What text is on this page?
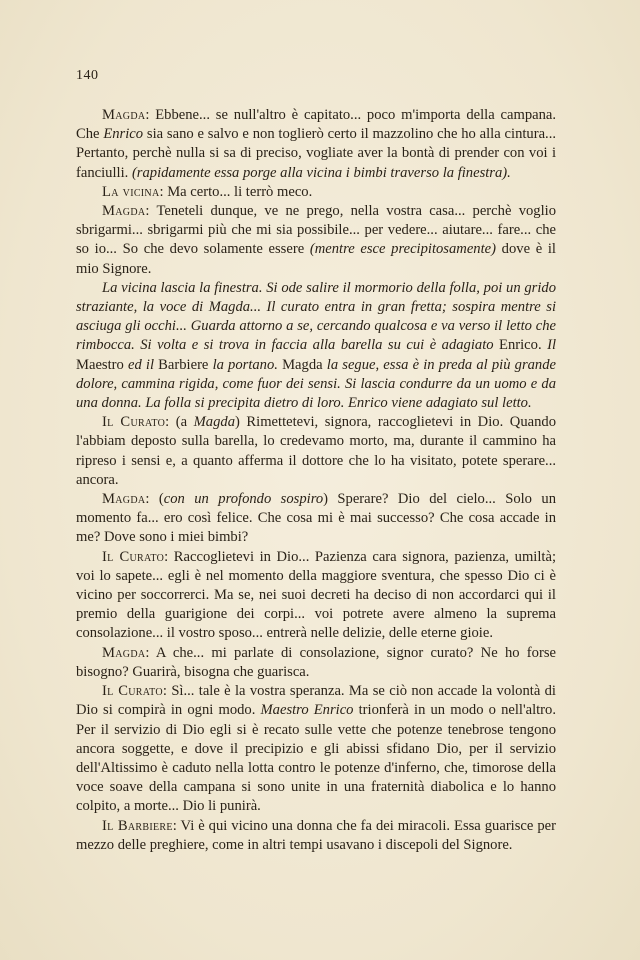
140

Magda: Ebbene... se null'altro è capitato... poco m'importa della campana. Che Enrico sia sano e salvo e non toglierò certo il mazzolino che ho alla cintura... Pertanto, perchè nulla si sa di preciso, vogliate aver la bontà di prender con voi i fanciulli. (rapidamente essa porge alla vicina i bimbi traverso la finestra).

La vicina: Ma certo... li terrò meco.

Magda: Teneteli dunque, ve ne prego, nella vostra casa... perchè voglio sbrigarmi... sbrigarmi più che mi sia possibile... per vedere... aiutare... fare... che so io... So che devo solamente essere (mentre esce precipitosamente) dove è il mio Signore.

La vicina lascia la finestra. Si ode salire il mormorio della folla, poi un grido straziante, la voce di Magda... Il curato entra in gran fretta; sospira mentre si asciuga gli occhi... Guarda attorno a se, cercando qualcosa e va verso il letto che rimbocca. Si volta e si trova in faccia alla barella su cui è adagiato Enrico. Il Maestro ed il Barbiere la portano. Magda la segue, essa è in preda al più grande dolore, cammina rigida, come fuor dei sensi. Si lascia condurre da un uomo e da una donna. La folla si precipita dietro di loro. Enrico viene adagiato sul letto.

Il Curato: (a Magda) Rimettetevi, signora, raccoglietevi in Dio. Quando l'abbiam deposto sulla barella, lo credevamo morto, ma, durante il cammino ha ripreso i sensi e, a quanto afferma il dottore che lo ha visitato, potete sperare... ancora.

Magda: (con un profondo sospiro) Sperare? Dio del cielo... Solo un momento fa... ero così felice. Che cosa mi è mai successo? Che cosa accade in me? Dove sono i miei bimbi?

Il Curato: Raccoglietevi in Dio... Pazienza cara signora, pazienza, umiltà; voi lo sapete... egli è nel momento della maggiore sventura, che spesso Dio ci è vicino per soccorrerci. Ma se, nei suoi decreti ha deciso di non accordarci qui il premio della guarigione dei corpi... voi potrete avere almeno la suprema consolazione... il vostro sposo... entrerà nelle delizie, delle eterne gioie.

Magda: A che... mi parlate di consolazione, signor curato? Ne ho forse bisogno? Guarirà, bisogna che guarisca.

Il Curato: Sì... tale è la vostra speranza. Ma se ciò non accade la volontà di Dio si compirà in ogni modo. Maestro Enrico trionferà in un modo o nell'altro. Per il servizio di Dio egli si è recato sulle vette che potenze tenebrose tengono ancora soggette, e dove il precipizio e gli abissi sfidano Dio, per il servizio dell'Altissimo è caduto nella lotta contro le potenze d'inferno, che, timorose della voce soave della campana si sono unite in una fraternità diabolica e lo hanno colpito, a morte... Dio li punirà.

Il Barbiere: Vi è qui vicino una donna che fa dei miracoli. Essa guarisce per mezzo delle preghiere, come in altri tempi usavano i discepoli del Signore.
